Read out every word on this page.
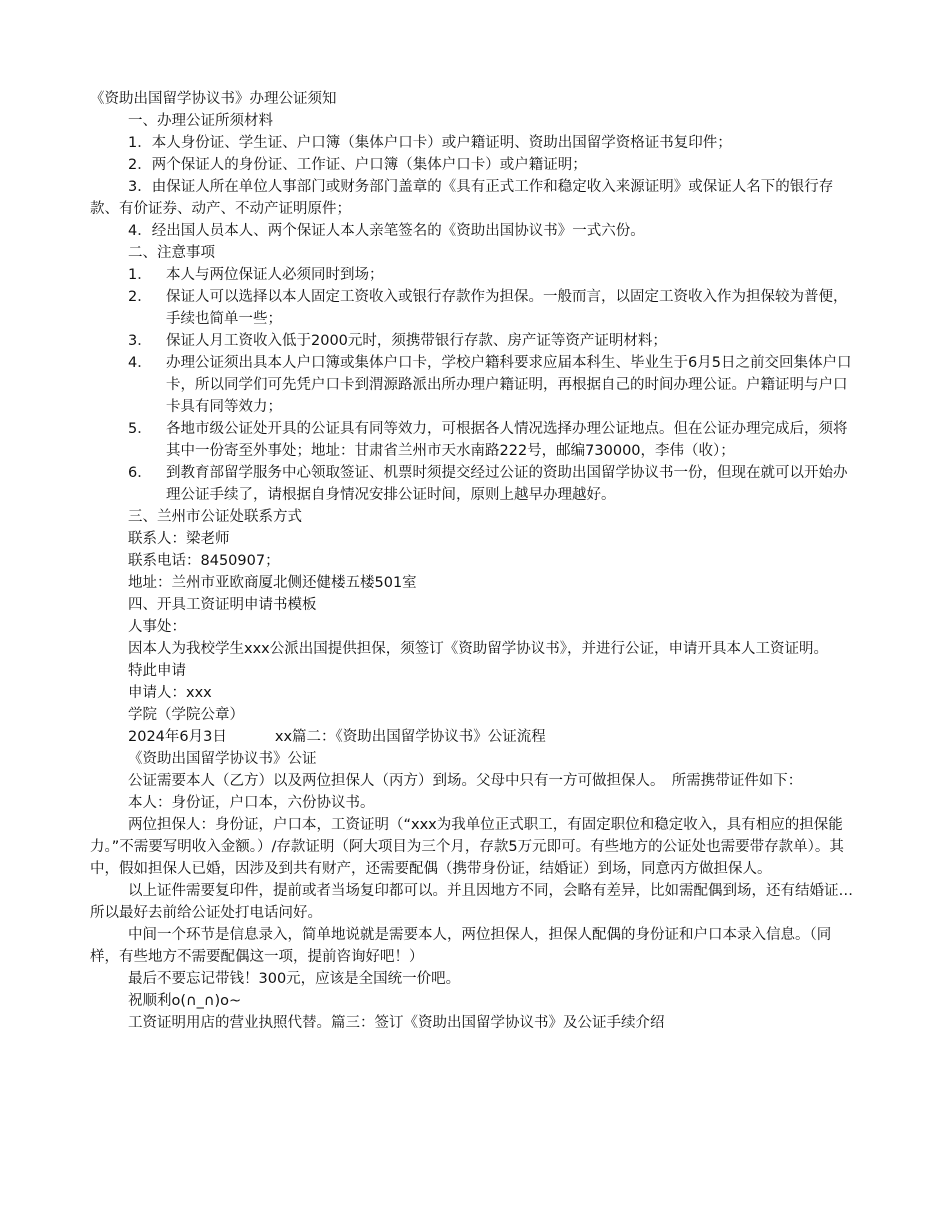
《资助出国留学协议书》办理公证须知

一、办理公证所须材料

1．本人身份证、学生证、户口簿（集体户口卡）或户籍证明、资助出国留学资格证书复印件；

2．两个保证人的身份证、工作证、户口簿（集体户口卡）或户籍证明；

3．由保证人所在单位人事部门或财务部门盖章的《具有正式工作和稳定收入来源证明》或保证人名下的银行存款、有价证券、动产、不动产证明原件；

4．经出国人员本人、两个保证人本人亲笔签名的《资助出国协议书》一式六份。

二、注意事项

1． 本人与两位保证人必须同时到场；
2． 保证人可以选择以本人固定工资收入或银行存款作为担保。一般而言，以固定工资收入作为担保较为普便，手续也简单一些；
3． 保证人月工资收入低于2000元时，须携带银行存款、房产证等资产证明材料；
4． 办理公证须出具本人户口簿或集体户口卡，学校户籍科要求应届本科生、毕业生于6月5日之前交回集体户口卡，所以同学们可先凭户口卡到渭源路派出所办理户籍证明，再根据自己的时间办理公证。户籍证明与户口卡具有同等效力；
5． 各地市级公证处开具的公证具有同等效力，可根据各人情况选择办理公证地点。但在公证办理完成后，须将其中一份寄至外事处；地址：甘肃省兰州市天水南路222号，邮编730000，李伟（收）；
6． 到教育部留学服务中心领取签证、机票时须提交经过公证的资助出国留学协议书一份，但现在就可以开始办理公证手续了，请根据自身情况安排公证时间，原则上越早办理越好。

三、兰州市公证处联系方式

联系人：梁老师

联系电话：8450907；

地址：兰州市亚欧商厦北侧还健楼五楼501室

四、开具工资证明申请书模板

人事处：

因本人为我校学生xxx公派出国提供担保，须签订《资助留学协议书》，并进行公证，申请开具本人工资证明。

特此申请

申请人：xxx

学院（学院公章）

2024年6月3日	xx篇二：《资助出国留学协议书》公证流程

《资助出国留学协议书》公证

公证需要本人（乙方）以及两位担保人（丙方）到场。父母中只有一方可做担保人。　所需携带证件如下：

本人：身份证，户口本，六份协议书。

两位担保人：身份证，户口本，工资证明（“xxx为我单位正式职工，有固定职位和稳定收入，具有相应的担保能力。”不需要写明收入金额。）/存款证明（阿大项目为三个月，存款5万元即可。有些地方的公证处也需要带存款单）。其中，假如担保人已婚，因涉及到共有财产，还需要配偶（携带身份证，结婚证）到场，同意丙方做担保人。

以上证件需要复印件，提前或者当场复印都可以。并且因地方不同，会略有差异，比如需配偶到场，还有结婚证…所以最好去前给公证处打电话问好。

中间一个环节是信息录入，简单地说就是需要本人，两位担保人，担保人配偶的身份证和户口本录入信息。（同样，有些地方不需要配偶这一项，提前咨询好吧！）

最后不要忘记带钱！300元，应该是全国统一价吧。

祝顺利o(∩_∩)o~

工资证明用店的营业执照代替。篇三：签订《资助出国留学协议书》及公证手续介绍
